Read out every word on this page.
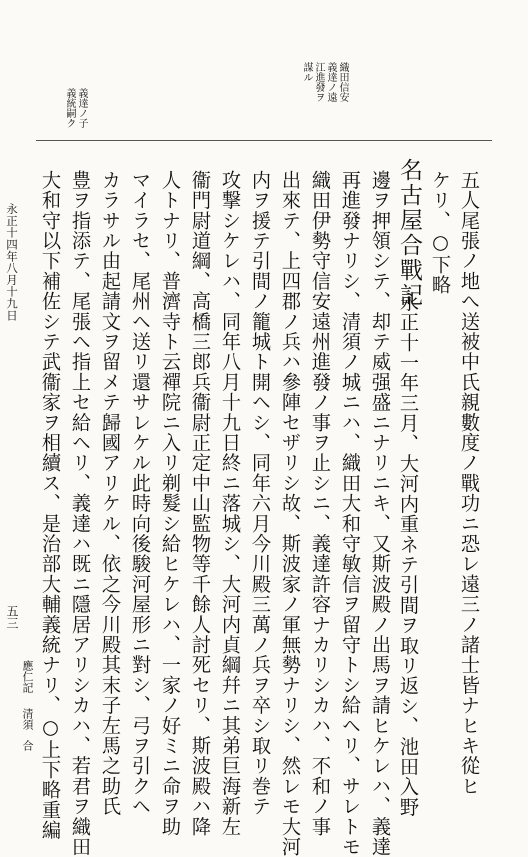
義達ノ子
義統嗣ク
織田信安
義達ノ遠
江進發ヲ
謀ル
五人尾張ノ地へ送被中氏親數度ノ戰功ニ恐レ遠三ノ諸士皆ナヒキ從ヒ
ケリ、○下略
名古屋合戰記
永正十一年三月、大河内重ネテ引間ヲ取リ返シ、池田入野
邊ヲ押領シテ、却テ威强盛ニナリニキ、又斯波殿ノ出馬ヲ請ヒケレハ、義達
再進發ナリシ、清須ノ城ニハ、織田大和守敏信ヲ留守トシ給ヘリ、サレトモ
織田伊勢守信安遠州進發ノ事ヲ止シニ、義達許容ナカリシカハ、不和ノ事
出來テ、上四郡ノ兵ハ參陣セザリシ故、斯波家ノ軍無勢ナリシ、然レモ大河
内ヲ援テ引間ノ籠城ト開ヘシ、同年六月今川殿三萬ノ兵ヲ卒シ取リ巻テ
攻撃シケレハ、同年八月十九日終ニ落城シ、大河内貞綱幷ニ其弟巨海新左
衞門尉道綱、高橋三郎兵衞尉正定中山監物等千餘人討死セリ、斯波殿ハ降
人トナリ、普濟寺ト云禪院ニ入リ剃髮シ給ヒケレハ、一家ノ好ミニ命ヲ助
マイラセ、尾州ヘ送リ還サレケル此時向後駿河屋形ニ對シ、弓ヲ引クヘ
カラサル由起請文ヲ留メテ歸國アリケル、依之今川殿其末子左馬之助氏
豊ヲ指添テ、尾張ヘ指上セ給ヘリ、義達ハ既ニ隱居アリシカハ、若君ヲ織田
大和守以下補佐シテ武衞家ヲ相續ス、是治部大輔義統ナリ、○上下略重編
應仁記
清須
合
永正十四年八月十九日
五三
